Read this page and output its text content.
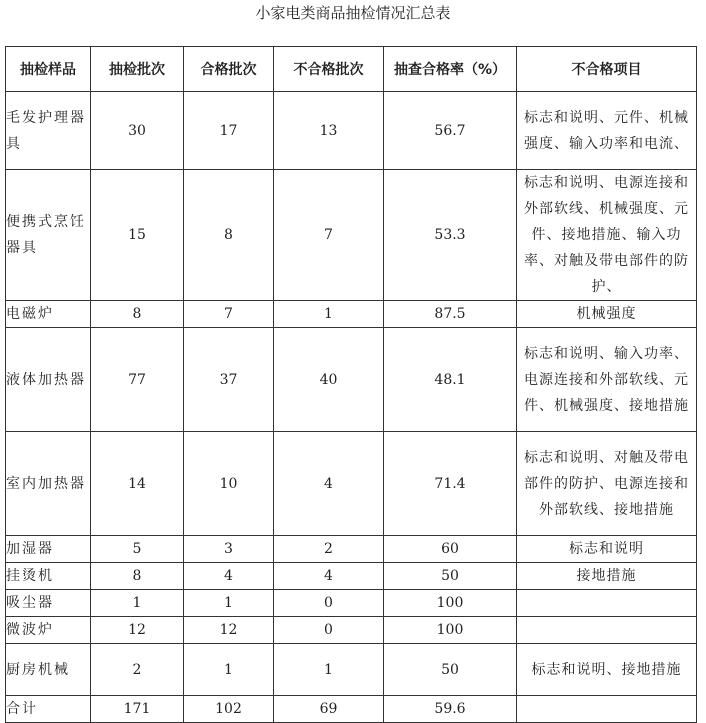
小家电类商品抽检情况汇总表
抽检样品	抽检批次	合格批次	不合格批次	抽查合格率（%）	不合格项目
毛发护理器具	30	17	13	56.7	标志和说明、元件、机械强度、输入功率和电流、
便携式烹饪器具	15	8	7	53.3	标志和说明、电源连接和外部软线、机械强度、元件、接地措施、输入功率、对触及带电部件的防护、
电磁炉	8	7	1	87.5	机械强度
液体加热器	77	37	40	48.1	标志和说明、输入功率、电源连接和外部软线、元件、机械强度、接地措施
室内加热器	14	10	4	71.4	标志和说明、对触及带电部件的防护、电源连接和外部软线、接地措施
加湿器	5	3	2	60	标志和说明
挂烫机	8	4	4	50	接地措施
吸尘器	1	1	0	100	
微波炉	12	12	0	100	
厨房机械	2	1	1	50	标志和说明、接地措施
合计	171	102	69	59.6	
